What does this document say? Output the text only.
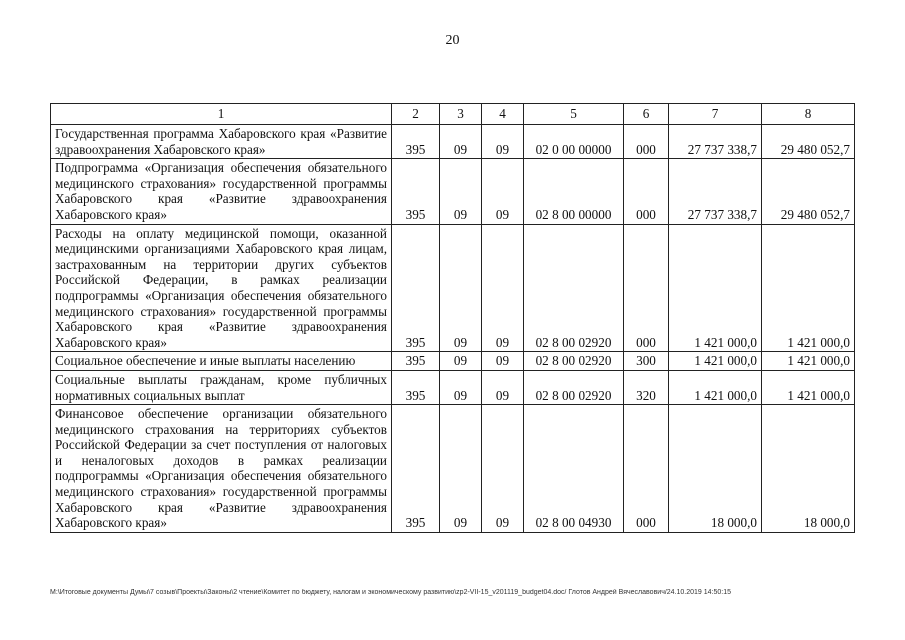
20
1	2	3	4	5	6	7	8
Государственная программа Хабаровского края «Развитие здравоохранения Хабаровского края»	395	09	09	02 0 00 00000	000	27 737 338,7	29 480 052,7
Подпрограмма «Организация обеспечения обязательного медицинского страхования» государственной программы Хабаровского края «Развитие здравоохранения Хабаровского края»	395	09	09	02 8 00 00000	000	27 737 338,7	29 480 052,7
Расходы на оплату медицинской помощи, оказанной медицинскими организациями Хабаровского края лицам, застрахованным на территории других субъектов Российской Федерации, в рамках реализации подпрограммы «Организация обеспечения обязательного медицинского страхования» государственной программы Хабаровского края «Развитие здравоохранения Хабаровского края»	395	09	09	02 8 00 02920	000	1 421 000,0	1 421 000,0
Социальное обеспечение и иные выплаты населению	395	09	09	02 8 00 02920	300	1 421 000,0	1 421 000,0
Социальные выплаты гражданам, кроме публичных нормативных социальных выплат	395	09	09	02 8 00 02920	320	1 421 000,0	1 421 000,0
Финансовое обеспечение организации обязательного медицинского страхования на территориях субъектов Российской Федерации за счет поступления от налоговых и неналоговых доходов в рамках реализации подпрограммы «Организация обеспечения обязательного медицинского страхования» государственной программы Хабаровского края «Развитие здравоохранения Хабаровского края»	395	09	09	02 8 00 04930	000	18 000,0	18 000,0
M:\Итоговые документы Думы\7 созыв\Проекты\Законы\2 чтение\Комитет по бюджету, налогам и экономическому развитию\zp2-VII-15_v201119_budget04.doc/ Глотов Андрей Вячеславович/24.10.2019 14:50:15
